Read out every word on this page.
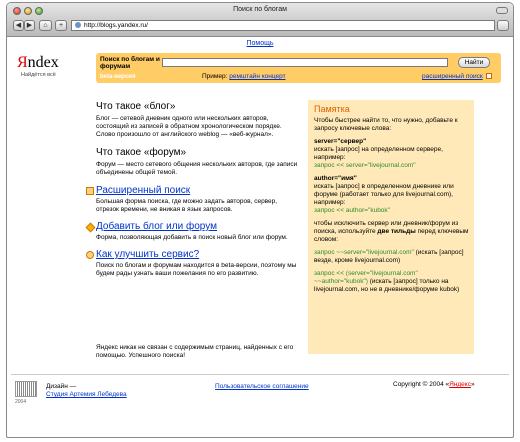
Поиск по блогам
◀ ▶	⌂	+	http://blogs.yandex.ru/
Помощь
Яndex
Найдётся всё
Поиск по блогам и форумам
beta-версия
Найти
Пример: ремштайн концерт	расширенный поиск
Что такое «блог»
Блог — сетевой дневник одного или нескольких авторов, состоящий из записей в обратном хронологическом порядке. Слово произошло от английского weblog — «веб-журнал».
Что такое «форум»
Форум — место сетевого общения нескольких авторов, где записи объединены общей темой.
Расширенный поиск
Большая форма поиска, где можно задать авторов, сервер, отрезок времени, не вникая в язык запросов.
Добавить блог или форум
Форма, позволяющая добавить в поиск новый блог или форум.
Как улучшить сервис?
Поиск по блогам и форумам находится в beta-версии, поэтому мы будем рады узнать ваши пожелания по его развитию.
Памятка
Чтобы быстрее найти то, что нужно, добавьте к запросу ключевые слова:
server="сервер"
искать [запрос] на определенном сервере, например:
запрос << server="livejournal.com"
author="имя"
искать [запрос] в определенном дневнике или форуме (работает только для livejournal.com), например:
запрос << author="kubok"
чтобы исключить сервер или дневник/форум из поиска, используйте две тильды перед ключевым словом:
запрос ~~server="livejournal.com" (искать [запрос] везде, кроме livejournal.com)
запрос << (server="livejournal.com" ~~author="kubok") (искать [запрос] только на livejournal.com, но не в дневнике/форуме kubok)
Яндекс никак не связан с содержимым страниц, найденных с его помощью. Успешного поиска!
2004
Дизайн —
Студия Артемия Лебедева
Пользовательское соглашение	Copyright © 2004 «Яндекс»
